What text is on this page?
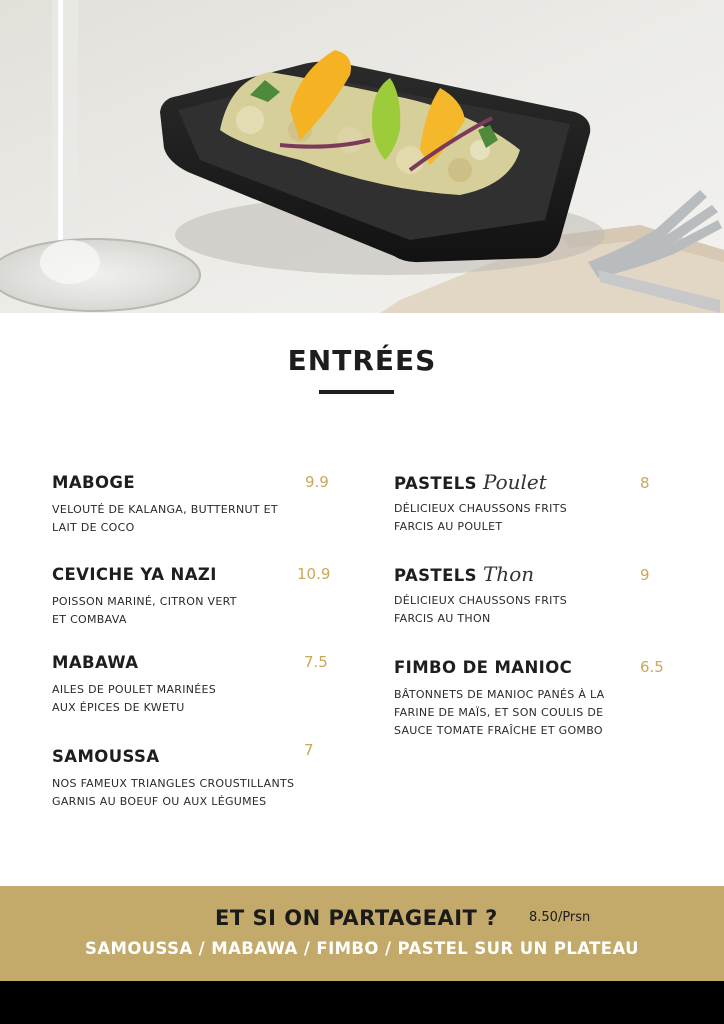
ENTRÉES
MABOGE	9.9
VELOUTÉ DE KALANGA, BUTTERNUT ET
LAIT DE COCO
CEVICHE YA NAZI	10.9
POISSON MARINÉ, CITRON VERT
ET COMBAVA
MABAWA	7.5
AILES DE POULET MARINÉES
AUX ÉPICES DE KWETU
SAMOUSSA	7
NOS FAMEUX TRIANGLES CROUSTILLANTS
GARNIS AU BOEUF OU AUX LÉGUMES
PASTELS Poulet	8
DÉLICIEUX CHAUSSONS FRITS
FARCIS AU POULET
PASTELS Thon	9
DÉLICIEUX CHAUSSONS FRITS
FARCIS AU THON
FIMBO DE MANIOC	6.5
BÂTONNETS DE MANIOC PANÉS À LA
FARINE DE MAÏS, ET SON COULIS DE
SAUCE TOMATE FRAÎCHE ET GOMBO
ET SI ON PARTAGEAIT ? 8.50/Prsn
SAMOUSSA / MABAWA / FIMBO / PASTEL SUR UN PLATEAU
